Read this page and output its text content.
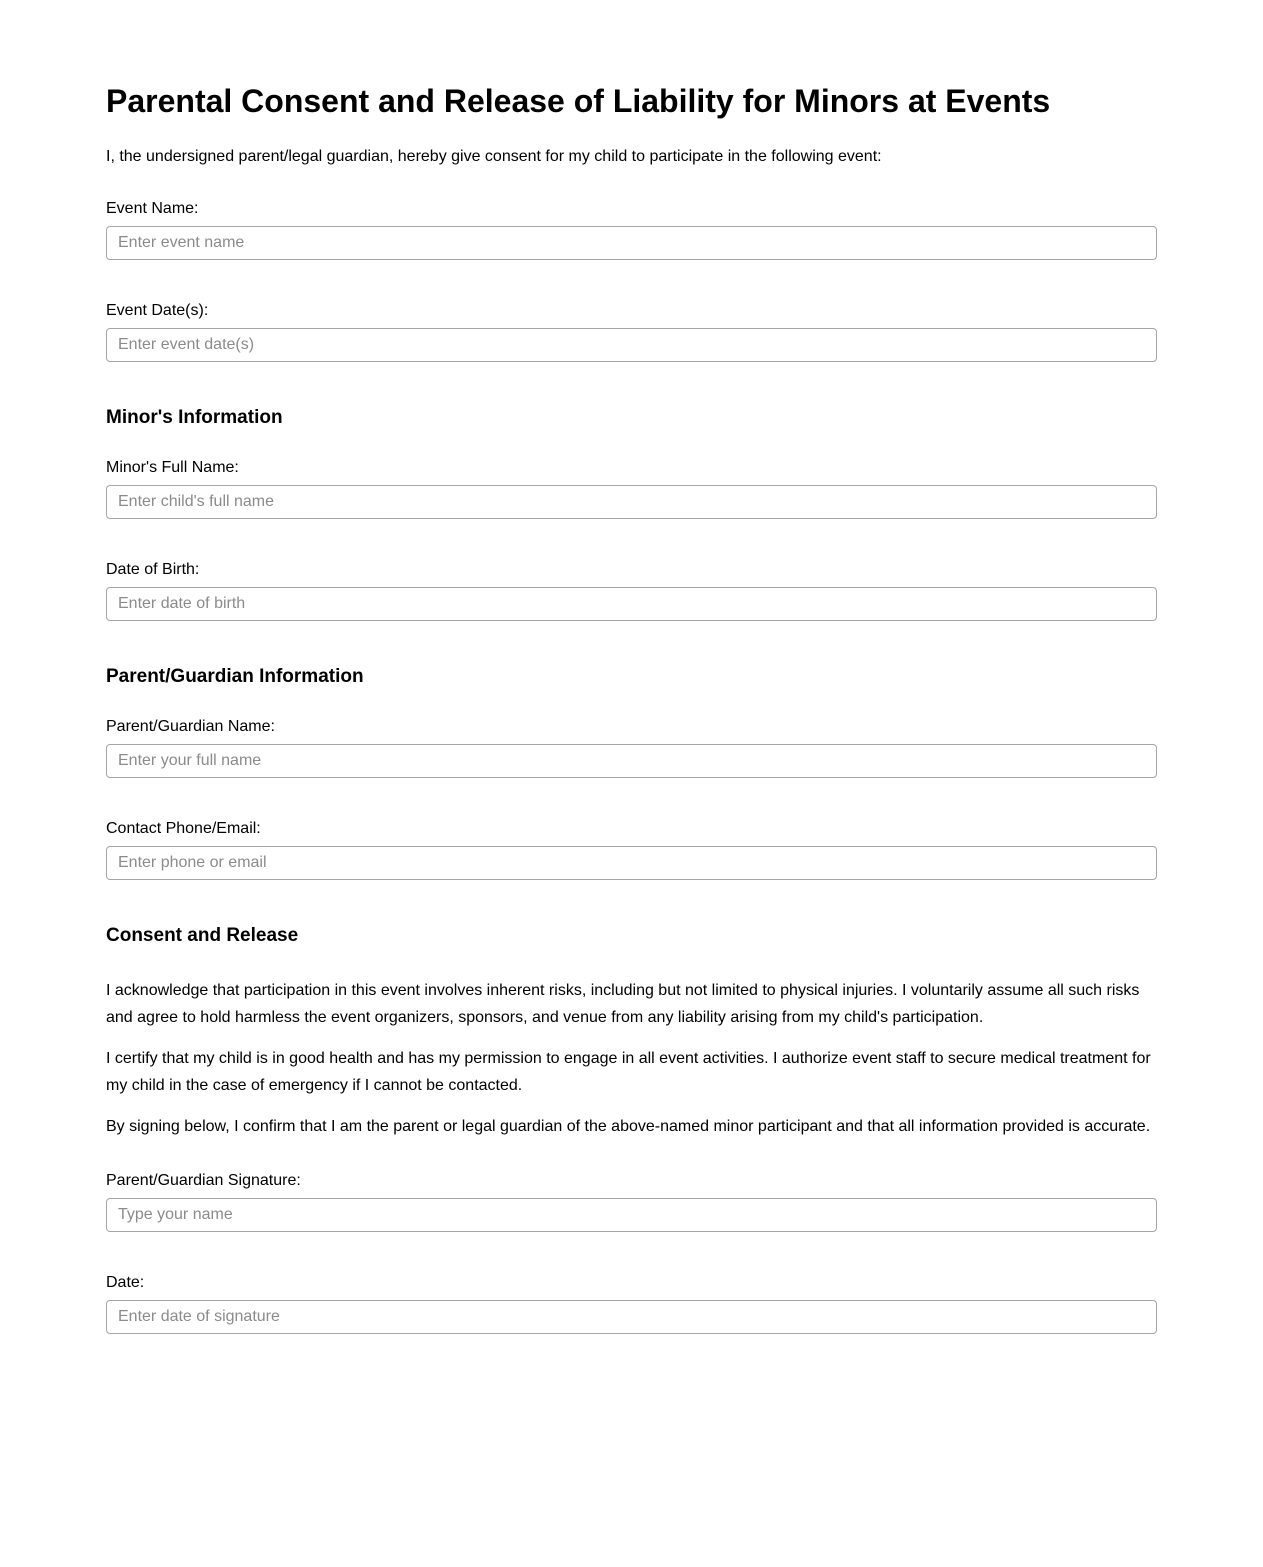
Parental Consent and Release of Liability for Minors at Events

I, the undersigned parent/legal guardian, hereby give consent for my child to participate in the following event:

Event Name:
Enter event name
Event Date(s):
Enter event date(s)
Minor's Information
Minor's Full Name:
Enter child's full name
Date of Birth:
Enter date of birth
Parent/Guardian Information
Parent/Guardian Name:
Enter your full name
Contact Phone/Email:
Enter phone or email
Consent and Release

I acknowledge that participation in this event involves inherent risks, including but not limited to physical injuries. I voluntarily assume all such risks and agree to hold harmless the event organizers, sponsors, and venue from any liability arising from my child's participation.

I certify that my child is in good health and has my permission to engage in all event activities. I authorize event staff to secure medical treatment for my child in the case of emergency if I cannot be contacted.

By signing below, I confirm that I am the parent or legal guardian of the above-named minor participant and that all information provided is accurate.

Parent/Guardian Signature:
Type your name
Date:
Enter date of signature
